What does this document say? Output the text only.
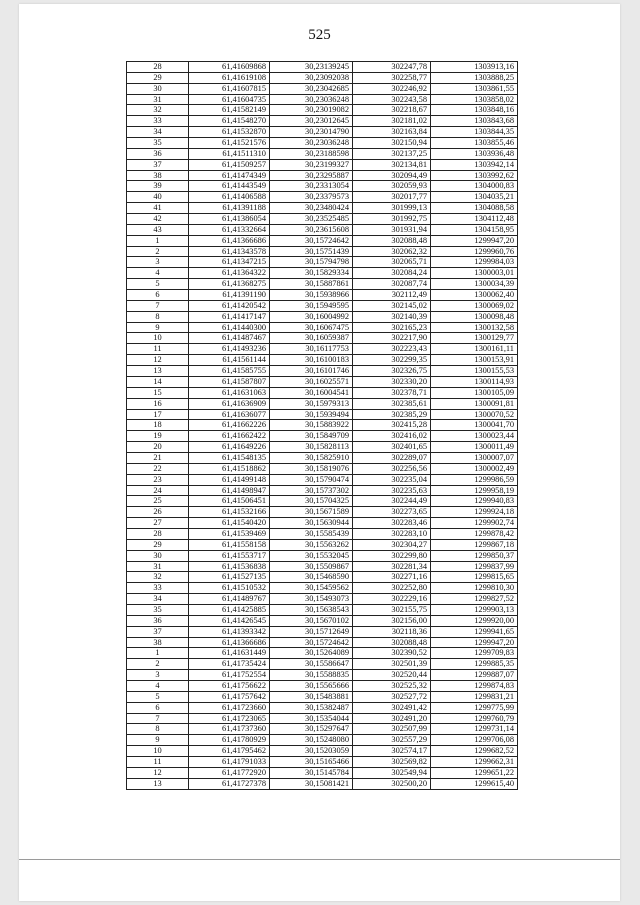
525
28	61,41609868	30,23139245	302247,78	1303913,16
29	61,41619108	30,23092038	302258,77	1303888,25
30	61,41607815	30,23042685	302246,92	1303861,55
31	61,41604735	30,23036248	302243,58	1303858,02
32	61,41582149	30,23019082	302218,67	1303848,16
33	61,41548270	30,23012645	302181,02	1303843,68
34	61,41532870	30,23014790	302163,84	1303844,35
35	61,41521576	30,23036248	302150,94	1303855,46
36	61,41511310	30,23188598	302137,25	1303936,48
37	61,41509257	30,23199327	302134,81	1303942,14
38	61,41474349	30,23295887	302094,49	1303992,62
39	61,41443549	30,23313054	302059,93	1304000,83
40	61,41406588	30,23379573	302017,77	1304035,21
41	61,41391188	30,23480424	301999,13	1304088,58
42	61,41386054	30,23525485	301992,75	1304112,48
43	61,41332664	30,23615608	301931,94	1304158,95
1	61,41366686	30,15724642	302088,48	1299947,20
2	61,41343578	30,15751439	302062,32	1299960,76
3	61,41347215	30,15794798	302065,71	1299984,03
4	61,41364322	30,15829334	302084,24	1300003,01
5	61,41368275	30,15887861	302087,74	1300034,39
6	61,41391190	30,15938966	302112,49	1300062,40
7	61,41420542	30,15949595	302145,02	1300069,02
8	61,41417147	30,16004992	302140,39	1300098,48
9	61,41440300	30,16067475	302165,23	1300132,58
10	61,41487467	30,16059387	302217,90	1300129,77
11	61,41493236	30,16117753	302223,43	1300161,11
12	61,41561144	30,16100183	302299,35	1300153,91
13	61,41585755	30,16101746	302326,75	1300155,53
14	61,41587807	30,16025571	302330,20	1300114,93
15	61,41631063	30,16004541	302378,71	1300105,09
16	61,41636909	30,15979313	302385,61	1300091,81
17	61,41636077	30,15939494	302385,29	1300070,52
18	61,41662226	30,15883922	302415,28	1300041,70
19	61,41662422	30,15849709	302416,02	1300023,44
20	61,41649226	30,15828113	302401,65	1300011,49
21	61,41548135	30,15825910	302289,07	1300007,07
22	61,41518862	30,15819076	302256,56	1300002,49
23	61,41499148	30,15790474	302235,04	1299986,59
24	61,41498947	30,15737302	302235,63	1299958,19
25	61,41506451	30,15704325	302244,49	1299940,83
26	61,41532166	30,15671589	302273,65	1299924,18
27	61,41540420	30,15630944	302283,46	1299902,74
28	61,41539469	30,15585439	302283,10	1299878,42
29	61,41558158	30,15563262	302304,27	1299867,18
30	61,41553717	30,15532045	302299,80	1299850,37
31	61,41536838	30,15509867	302281,34	1299837,99
32	61,41527135	30,15468590	302271,16	1299815,65
33	61,41510532	30,15459562	302252,80	1299810,30
34	61,41489767	30,15493073	302229,16	1299827,52
35	61,41425885	30,15638543	302155,75	1299903,13
36	61,41426545	30,15670102	302156,00	1299920,00
37	61,41393342	30,15712649	302118,36	1299941,65
38	61,41366686	30,15724642	302088,48	1299947,20
1	61,41631449	30,15264089	302390,52	1299709,83
2	61,41735424	30,15586647	302501,39	1299885,35
3	61,41752554	30,15588835	302520,44	1299887,07
4	61,41756622	30,15565666	302525,32	1299874,83
5	61,41757642	30,15483881	302527,72	1299831,21
6	61,41723660	30,15382487	302491,42	1299775,99
7	61,41723065	30,15354044	302491,20	1299760,79
8	61,41737360	30,15297647	302507,99	1299731,14
9	61,41780929	30,15248080	302557,29	1299706,08
10	61,41795462	30,15203059	302574,17	1299682,52
11	61,41791033	30,15165466	302569,82	1299662,31
12	61,41772920	30,15145784	302549,94	1299651,22
13	61,41727378	30,15081421	302500,20	1299615,40
